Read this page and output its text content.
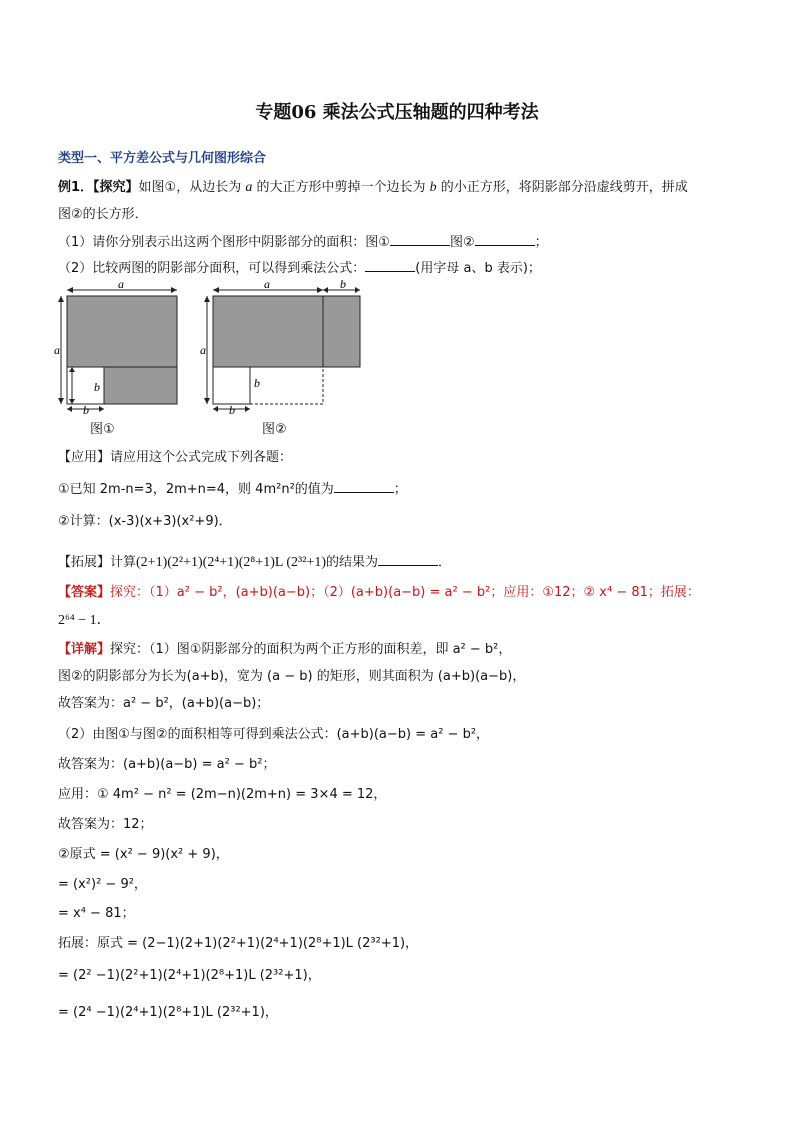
专题06 乘法公式压轴题的四种考法
类型一、平方差公式与几何图形综合
例1．【探究】如图①，从边长为 a 的大正方形中剪掉一个边长为 b 的小正方形，将阴影部分沿虚线剪开，拼成
图②的长方形．
（1）请你分别表示出这两个图形中阴影部分的面积：图①	图②	；
（2）比较两图的阴影部分面积，可以得到乘法公式：	(用字母 a、b 表示)；
a
a
b
b
图①
a	b
a
b
b
图②
【应用】请应用这个公式完成下列各题：
①已知 2m-n=3，2m+n=4，则 4m²n²的值为	；
②计算：(x-3)(x+3)(x²+9)．
【拓展】计算(2+1)(2²+1)(2⁴+1)(2⁸+1)L (2³²+1)的结果为	．
【答案】探究：（1）a² − b²，(a+b)(a−b)；（2）(a+b)(a−b) = a² − b²；应用：①12；② x⁴ − 81；拓展：
2⁶⁴ − 1．
【详解】探究：（1）图①阴影部分的面积为两个正方形的面积差，即 a² − b²，
图②的阴影部分为长为(a+b)，宽为 (a − b) 的矩形，则其面积为 (a+b)(a−b)，
故答案为：a² − b²，(a+b)(a−b)；
（2）由图①与图②的面积相等可得到乘法公式：(a+b)(a−b) = a² − b²，
故答案为：(a+b)(a−b) = a² − b²；
应用：① 4m² − n² = (2m−n)(2m+n) = 3×4 = 12，
故答案为：12；
②原式 = (x² − 9)(x² + 9)，
= (x²)² − 9²，
= x⁴ − 81；
拓展：原式 = (2−1)(2+1)(2²+1)(2⁴+1)(2⁸+1)L (2³²+1)，
= (2² −1)(2²+1)(2⁴+1)(2⁸+1)L (2³²+1)，
= (2⁴ −1)(2⁴+1)(2⁸+1)L (2³²+1)，
